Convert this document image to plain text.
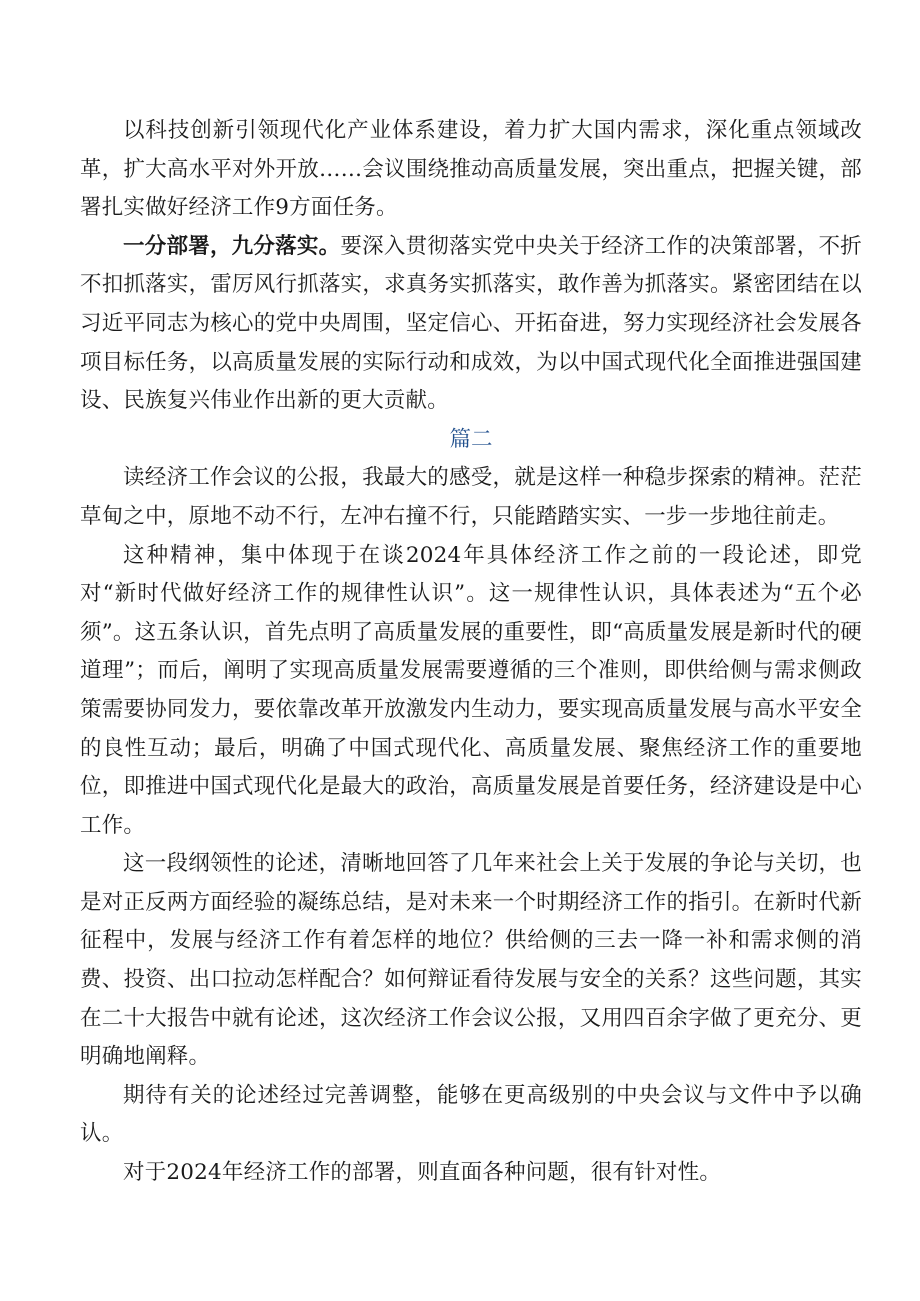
以科技创新引领现代化产业体系建设，着力扩大国内需求，深化重点领域改革，扩大高水平对外开放……会议围绕推动高质量发展，突出重点，把握关键，部署扎实做好经济工作9方面任务。

一分部署，九分落实。要深入贯彻落实党中央关于经济工作的决策部署，不折不扣抓落实，雷厉风行抓落实，求真务实抓落实，敢作善为抓落实。紧密团结在以习近平同志为核心的党中央周围，坚定信心、开拓奋进，努力实现经济社会发展各项目标任务，以高质量发展的实际行动和成效，为以中国式现代化全面推进强国建设、民族复兴伟业作出新的更大贡献。

篇二

读经济工作会议的公报，我最大的感受，就是这样一种稳步探索的精神。茫茫草甸之中，原地不动不行，左冲右撞不行，只能踏踏实实、一步一步地往前走。

这种精神，集中体现于在谈2024年具体经济工作之前的一段论述，即党对“新时代做好经济工作的规律性认识”。这一规律性认识，具体表述为“五个必须”。这五条认识，首先点明了高质量发展的重要性，即“高质量发展是新时代的硬道理”；而后，阐明了实现高质量发展需要遵循的三个准则，即供给侧与需求侧政策需要协同发力，要依靠改革开放激发内生动力，要实现高质量发展与高水平安全的良性互动；最后，明确了中国式现代化、高质量发展、聚焦经济工作的重要地位，即推进中国式现代化是最大的政治，高质量发展是首要任务，经济建设是中心工作。

这一段纲领性的论述，清晰地回答了几年来社会上关于发展的争论与关切，也是对正反两方面经验的凝练总结，是对未来一个时期经济工作的指引。在新时代新征程中，发展与经济工作有着怎样的地位？供给侧的三去一降一补和需求侧的消费、投资、出口拉动怎样配合？如何辩证看待发展与安全的关系？这些问题，其实在二十大报告中就有论述，这次经济工作会议公报，又用四百余字做了更充分、更明确地阐释。

期待有关的论述经过完善调整，能够在更高级别的中央会议与文件中予以确认。

对于2024年经济工作的部署，则直面各种问题，很有针对性。
